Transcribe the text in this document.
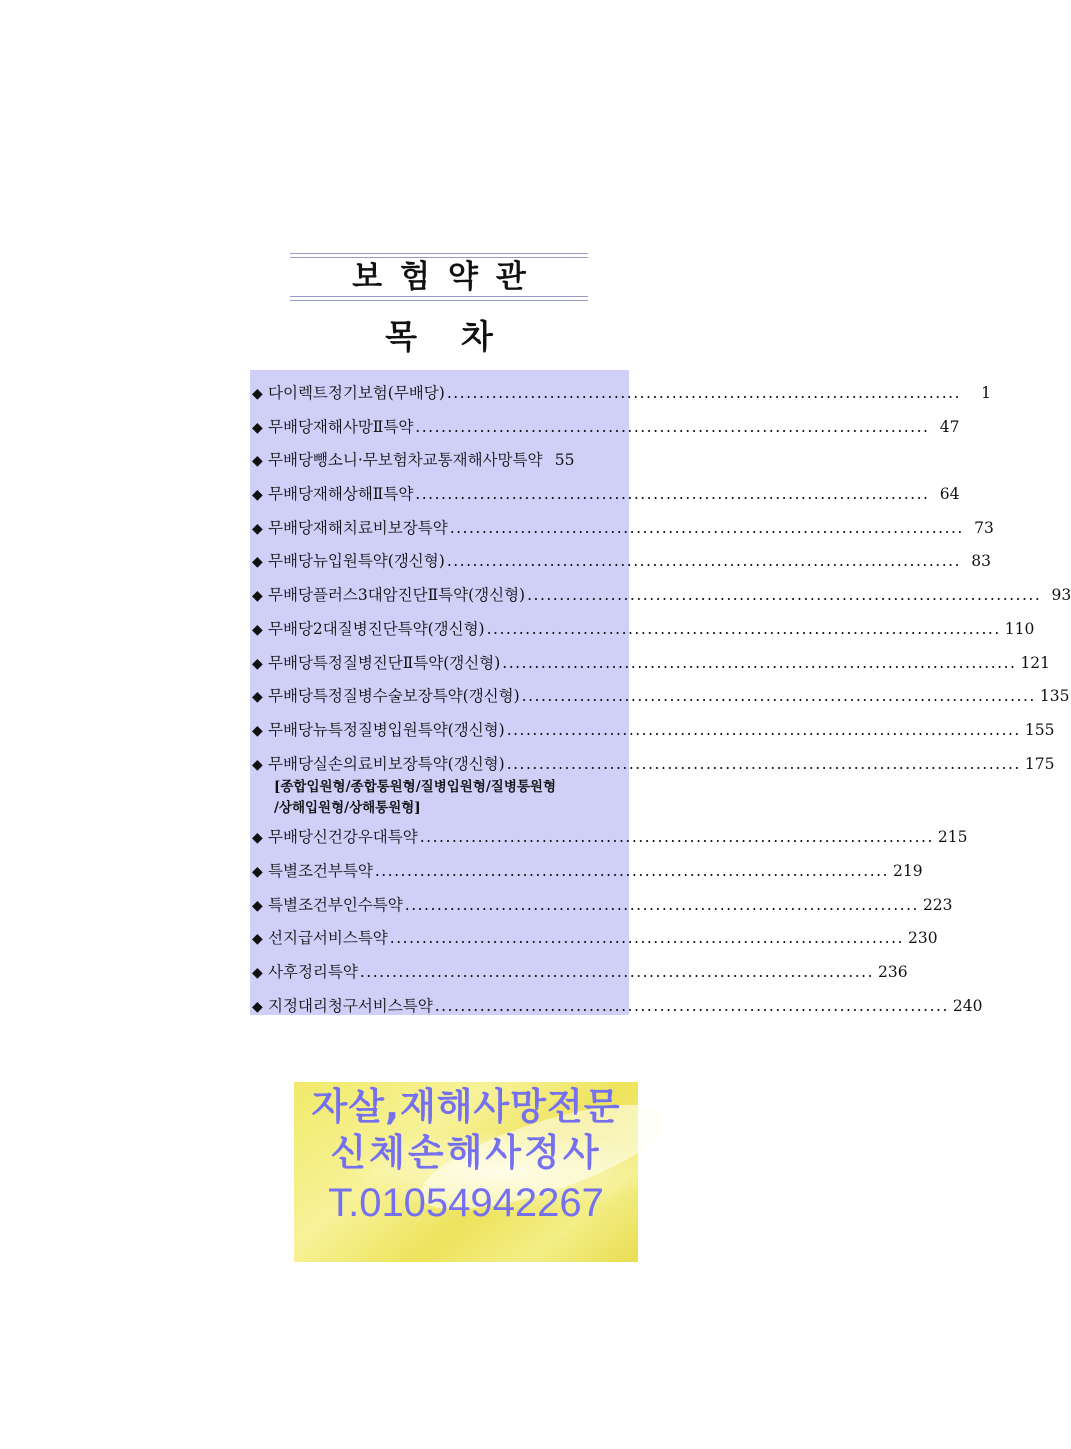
보험약관
목차
◆ 다이렉트정기보험(무배당) ................................................................................	1
◆ 무배당재해사망Ⅱ특약 ................................................................................ 47
◆ 무배당뺑소니·무보험차교통재해사망특약 55
◆ 무배당재해상해Ⅱ특약 ................................................................................ 64
◆ 무배당재해치료비보장특약 ................................................................................ 73
◆ 무배당뉴입원특약(갱신형) ................................................................................ 83
◆ 무배당플러스3대암진단Ⅱ특약(갱신형) ................................................................................ 93
◆ 무배당2대질병진단특약(갱신형) ................................................................................ 110
◆ 무배당특정질병진단Ⅱ특약(갱신형) ................................................................................ 121
◆ 무배당특정질병수술보장특약(갱신형) ................................................................................ 135
◆ 무배당뉴특정질병입원특약(갱신형) ................................................................................ 155
◆ 무배당실손의료비보장특약(갱신형) ................................................................................ 175
[종합입원형/종합통원형/질병입원형/질병통원형
/상해입원형/상해통원형]
◆ 무배당신건강우대특약 ................................................................................ 215
◆ 특별조건부특약 ................................................................................ 219
◆ 특별조건부인수특약 ................................................................................ 223
◆ 선지급서비스특약 ................................................................................ 230
◆ 사후정리특약 ................................................................................ 236
◆ 지정대리청구서비스특약 ................................................................................ 240
자살,재해사망전문
신체손해사정사
T.01054942267
